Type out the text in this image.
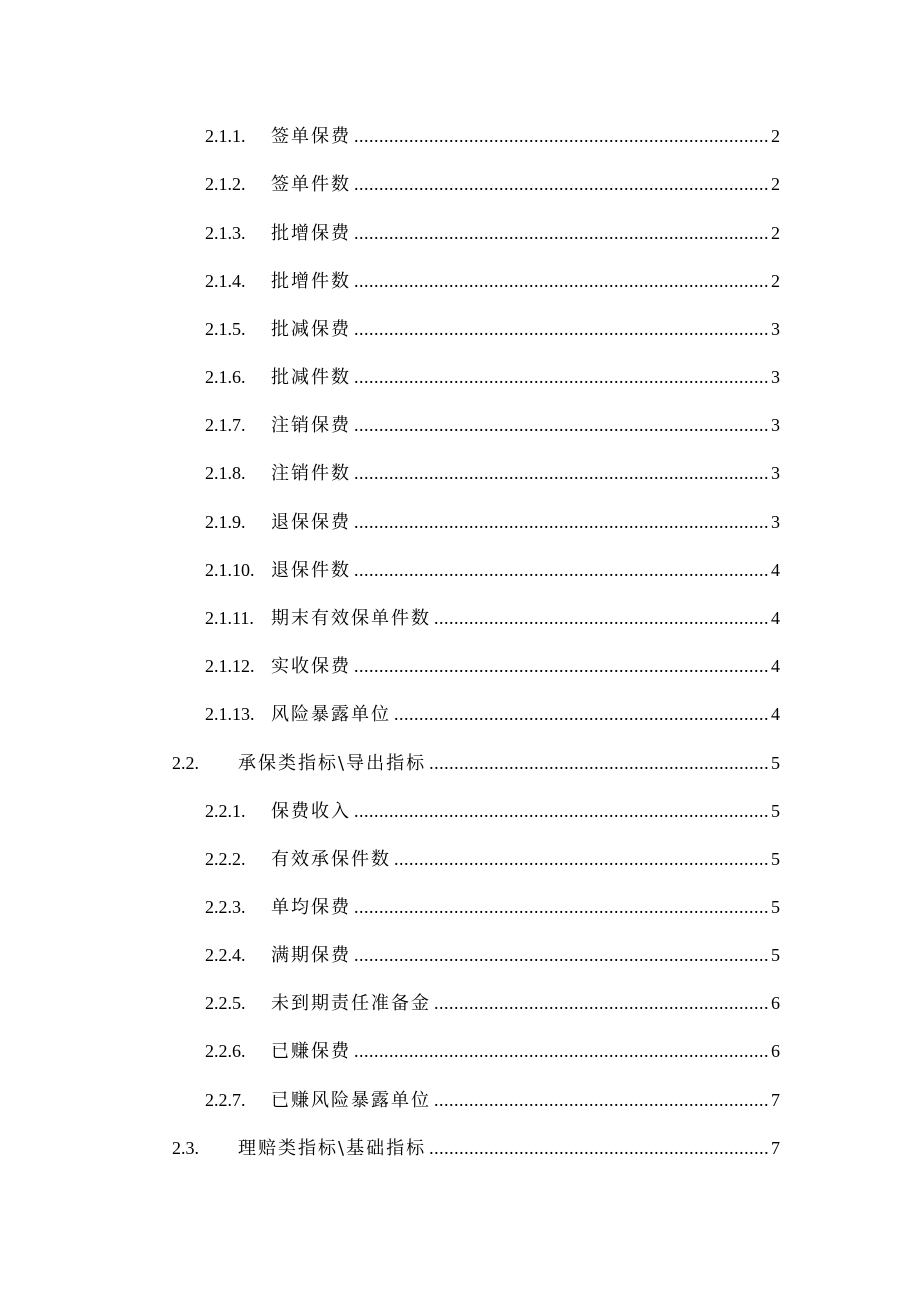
2.1.1.	签单保费 .....	2
2.1.2.	签单件数 .....	2
2.1.3.	批增保费 .....	2
2.1.4.	批增件数 .....	2
2.1.5.	批减保费 .....	3
2.1.6.	批减件数 .....	3
2.1.7.	注销保费 .....	3
2.1.8.	注销件数 .....	3
2.1.9.	退保保费 .....	3
2.1.10. 退保件数 .....	4
2.1.11. 期末有效保单件数 .....	4
2.1.12. 实收保费 .....	4
2.1.13. 风险暴露单位 .....	4
2.2.	承保类指标\导出指标 .....	5
2.2.1.	保费收入 .....	5
2.2.2.	有效承保件数 .....	5
2.2.3.	单均保费 .....	5
2.2.4.	满期保费 .....	5
2.2.5.	未到期责任准备金 .....	6
2.2.6.	已赚保费 .....	6
2.2.7.	已赚风险暴露单位 .....	7
2.3.	理赔类指标\基础指标 .....	7
